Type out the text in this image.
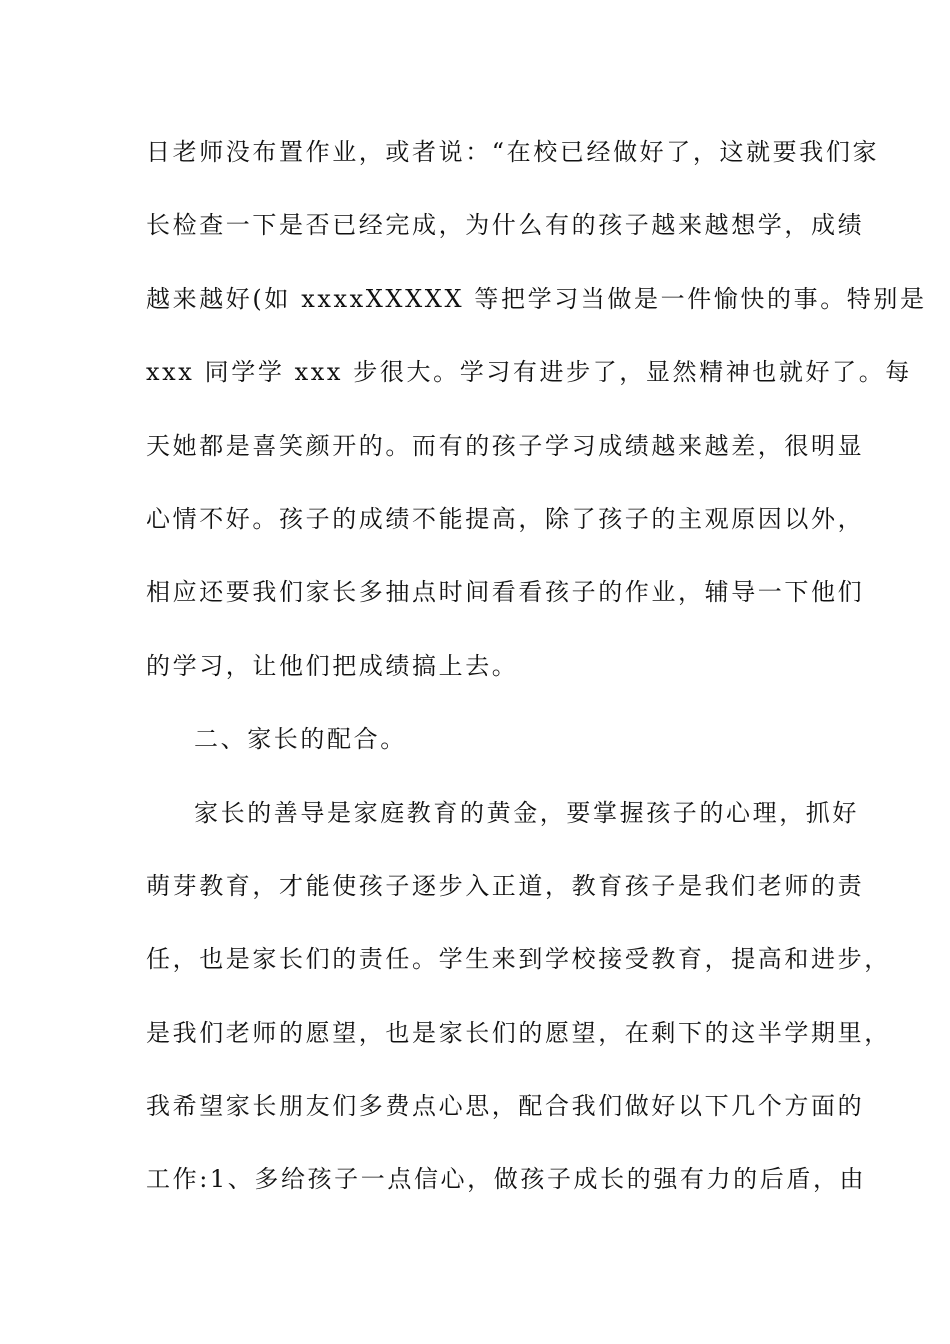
日老师没布置作业，或者说：“在校已经做好了，这就要我们家
长检查一下是否已经完成，为什么有的孩子越来越想学，成绩
越来越好(如 xxxxXXXXX 等把学习当做是一件愉快的事。特别是
xxx 同学学 xxx 步很大。学习有进步了，显然精神也就好了。每
天她都是喜笑颜开的。而有的孩子学习成绩越来越差，很明显
心情不好。孩子的成绩不能提高，除了孩子的主观原因以外，
相应还要我们家长多抽点时间看看孩子的作业，辅导一下他们
的学习，让他们把成绩搞上去。
二、家长的配合。
家长的善导是家庭教育的黄金，要掌握孩子的心理，抓好
萌芽教育，才能使孩子逐步入正道，教育孩子是我们老师的责
任，也是家长们的责任。学生来到学校接受教育，提高和进步，
是我们老师的愿望，也是家长们的愿望，在剩下的这半学期里，
我希望家长朋友们多费点心思，配合我们做好以下几个方面的
工作:1、多给孩子一点信心，做孩子成长的强有力的后盾，由
